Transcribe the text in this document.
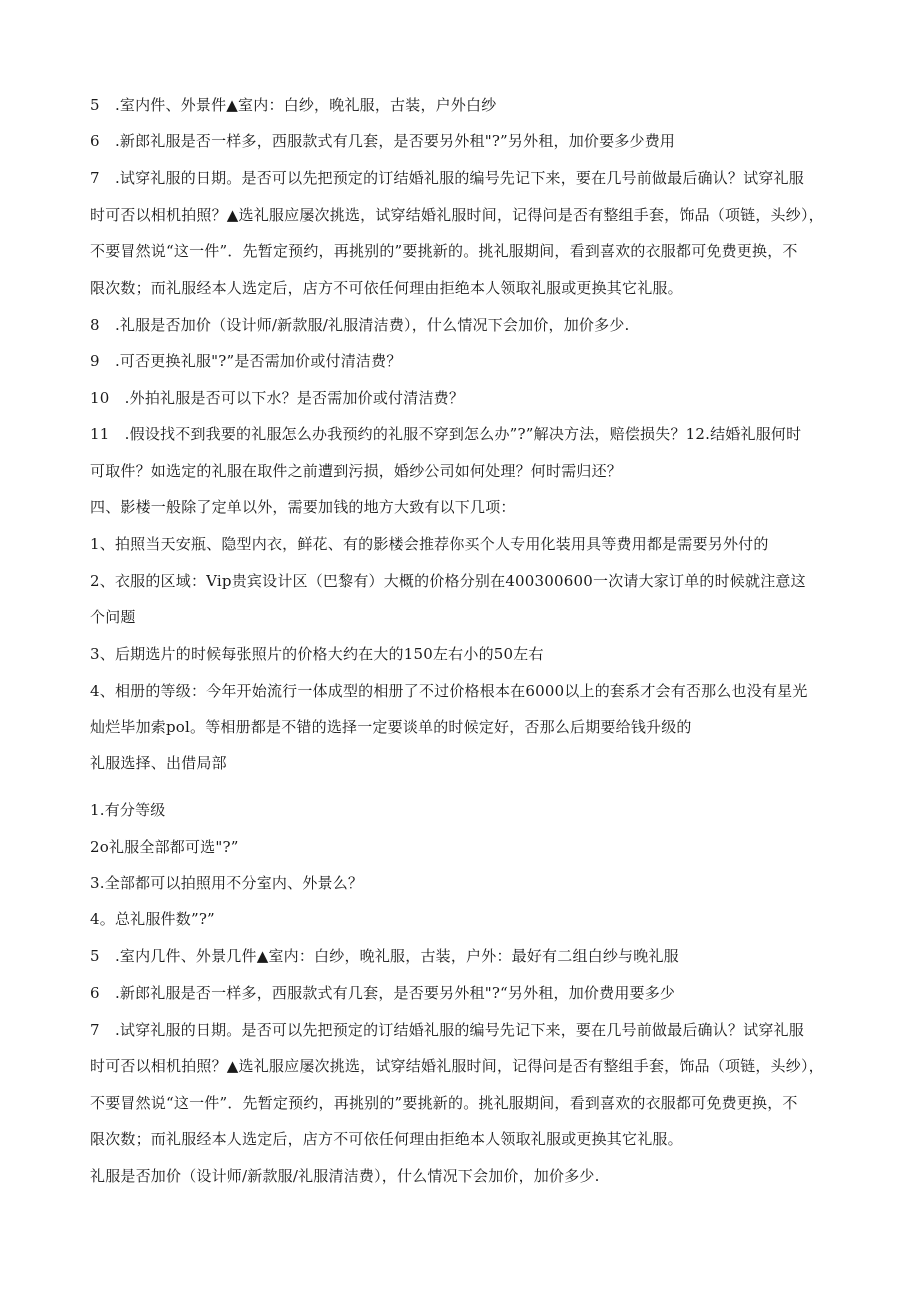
5　.室内件、外景件▲室内：白纱，晚礼服，古装，户外白纱
6　.新郎礼服是否一样多，西服款式有几套，是否要另外租"?”另外租，加价要多少费用
7　.试穿礼服的日期。是否可以先把预定的订结婚礼服的编号先记下来，要在几号前做最后确认？试穿礼服
时可否以相机拍照？▲选礼服应屡次挑选，试穿结婚礼服时间，记得问是否有整组手套，饰品（项链，头纱），
不要冒然说“这一件”．先暂定预约，再挑别的”要挑新的。挑礼服期间，看到喜欢的衣服都可免费更换，不
限次数；而礼服经本人选定后，店方不可依任何理由拒绝本人领取礼服或更换其它礼服。
8　.礼服是否加价（设计师/新款服/礼服清洁费），什么情况下会加价，加价多少.
9　.可否更换礼服"?”是否需加价或付清洁费？
10　.外拍礼服是否可以下水？是否需加价或付清洁费？
11　.假设找不到我要的礼服怎么办我预约的礼服不穿到怎么办”?”解决方法，赔偿损失？12.结婚礼服何时
可取件？如选定的礼服在取件之前遭到污损，婚纱公司如何处理？何时需归还？
四、影楼一般除了定单以外，需要加钱的地方大致有以下几项：
1、拍照当天安瓶、隐型内衣，鲜花、有的影楼会推荐你买个人专用化装用具等费用都是需要另外付的
2、衣服的区域：Vip贵宾设计区（巴黎有）大概的价格分别在400300600一次请大家订单的时候就注意这
个问题
3、后期选片的时候每张照片的价格大约在大的150左右小的50左右
4、相册的等级：今年开始流行一体成型的相册了不过价格根本在6000以上的套系才会有否那么也没有星光
灿烂毕加索pol。等相册都是不错的选择一定要谈单的时候定好，否那么后期要给钱升级的
礼服选择、出借局部
1.有分等级
2o礼服全部都可选"?”
3.全部都可以拍照用不分室内、外景么？
4。总礼服件数”?”
5　.室内几件、外景几件▲室内：白纱，晚礼服，古装，户外：最好有二组白纱与晚礼服
6　.新郎礼服是否一样多，西服款式有几套，是否要另外租"?“另外租，加价费用要多少
7　.试穿礼服的日期。是否可以先把预定的订结婚礼服的编号先记下来，要在几号前做最后确认？试穿礼服
时可否以相机拍照？▲选礼服应屡次挑选，试穿结婚礼服时间，记得问是否有整组手套，饰品（项链，头纱），
不要冒然说“这一件”．先暂定预约，再挑别的”要挑新的。挑礼服期间，看到喜欢的衣服都可免费更换，不
限次数；而礼服经本人选定后，店方不可依任何理由拒绝本人领取礼服或更换其它礼服。
礼服是否加价（设计师/新款服/礼服清洁费），什么情况下会加价，加价多少.
